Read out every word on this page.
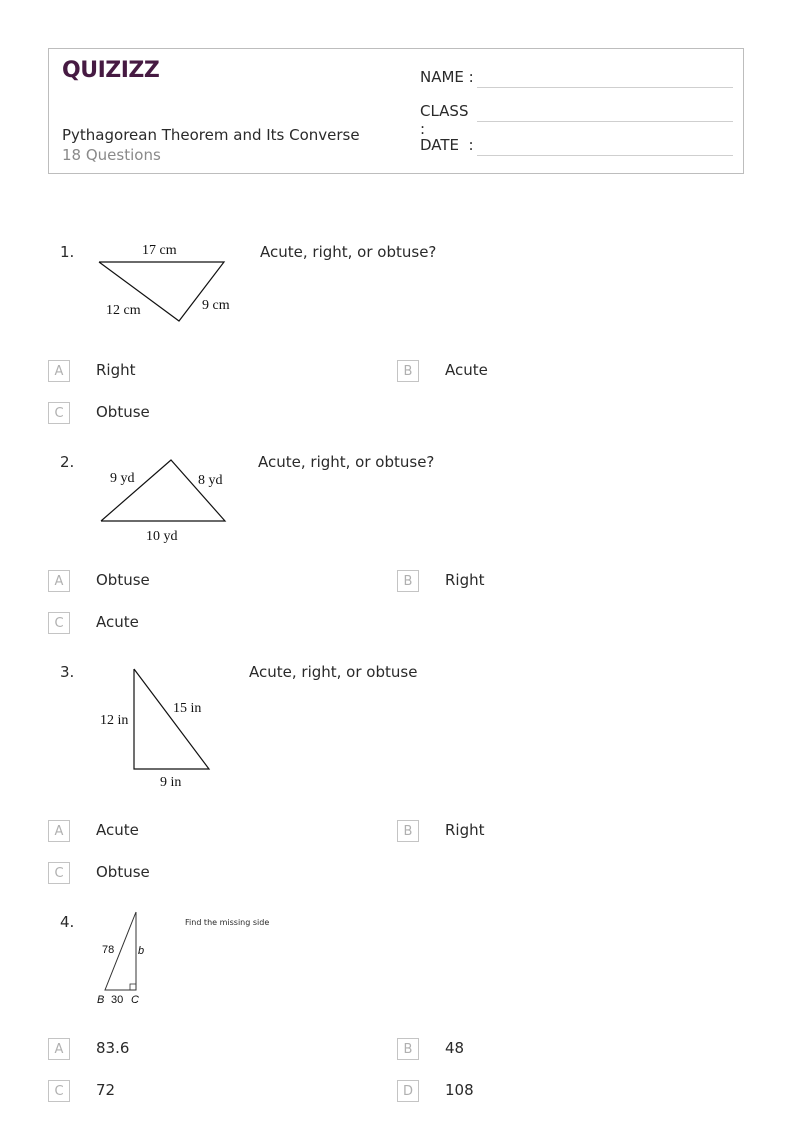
QUIZIZZ
Pythagorean Theorem and Its Converse
18 Questions
NAME :
CLASS :
DATE  :
1.	17 cm
12 cm	9 cm
Acute, right, or obtuse?
A	Right	B	Acute
C	Obtuse
2.
9 yd	8 yd
10 yd
Acute, right, or obtuse?
A	Obtuse	B	Right
C	Acute
3.
15 in
12 in
9 in
Acute, right, or obtuse
A	Acute	B	Right
C	Obtuse
4.
78 b
B 30 C
Find the missing side
A	83.6	B	48
C	72	D	108
